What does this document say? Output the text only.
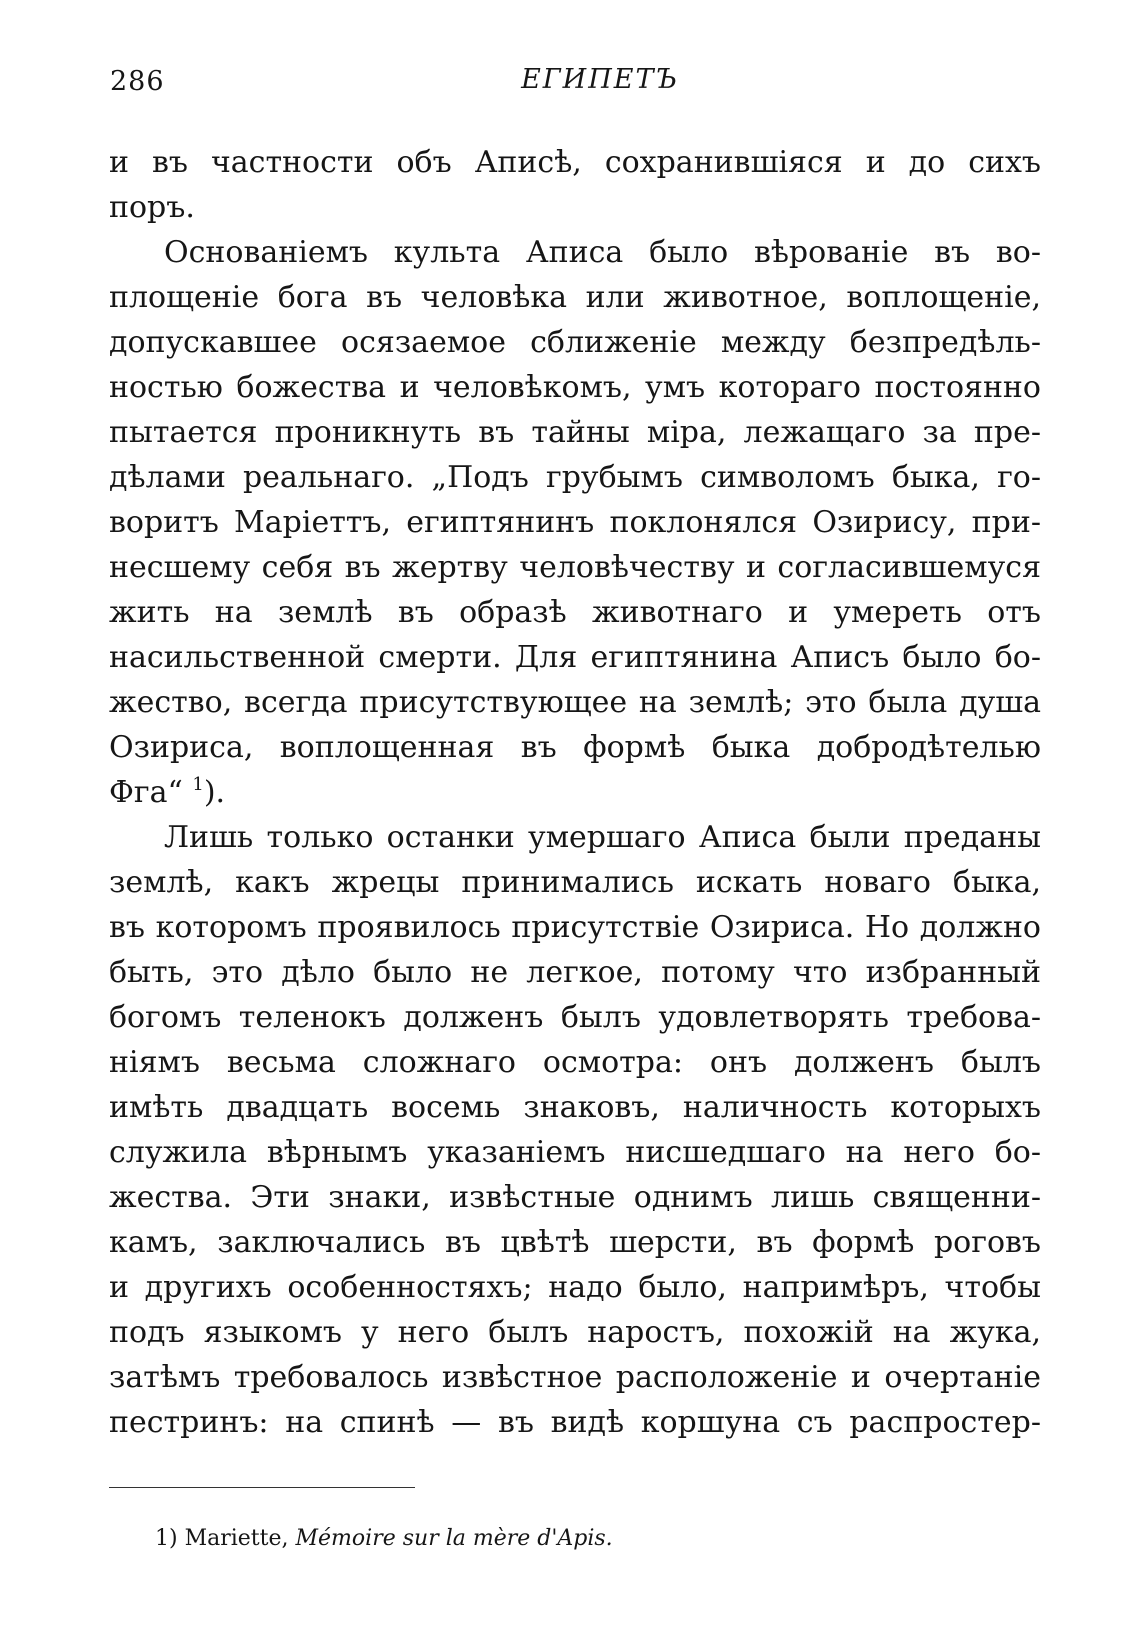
286	ЕГИПЕТЪ
и въ частности объ Аписѣ, сохранившіяся и до сихъ
поръ.
Основаніемъ культа Аписа было вѣрованіе въ во-
площеніе бога въ человѣка или животное, воплощеніе,
допускавшее осязаемое сближеніе между безпредѣль-
ностью божества и человѣкомъ, умъ котораго постоянно
пытается проникнуть въ тайны міра, лежащаго за пре-
дѣлами реальнаго. „Подъ грубымъ символомъ быка, го-
воритъ Маріеттъ, египтянинъ поклонялся Озирису, при-
несшему себя въ жертву человѣчеству и согласившемуся
жить на землѣ въ образѣ животнаго и умереть отъ
насильственной смерти. Для египтянина Аписъ было бо-
жество, всегда присутствующее на землѣ; это была душа
Озириса, воплощенная въ формѣ быка добродѣтелью
Фга“ $^1$).
Лишь только останки умершаго Аписа были преданы
землѣ, какъ жрецы принимались искать новаго быка,
въ которомъ проявилось присутствіе Озириса. Но должно
быть, это дѣло было не легкое, потому что избранный
богомъ теленокъ долженъ былъ удовлетворять требова-
ніямъ весьма сложнаго осмотра: онъ долженъ былъ
имѣть двадцать восемь знаковъ, наличность которыхъ
служила вѣрнымъ указаніемъ нисшедшаго на него бо-
жества. Эти знаки, извѣстные однимъ лишь священни-
камъ, заключались въ цвѣтѣ шерсти, въ формѣ роговъ
и другихъ особенностяхъ; надо было, напримѣръ, чтобы
подъ языкомъ у него былъ наростъ, похожій на жука,
затѣмъ требовалось извѣстное расположеніе и очертаніе
пестринъ: на спинѣ — въ видѣ коршуна съ распростер-
1) Mariette, Mémoire sur la mère d'Apis.
